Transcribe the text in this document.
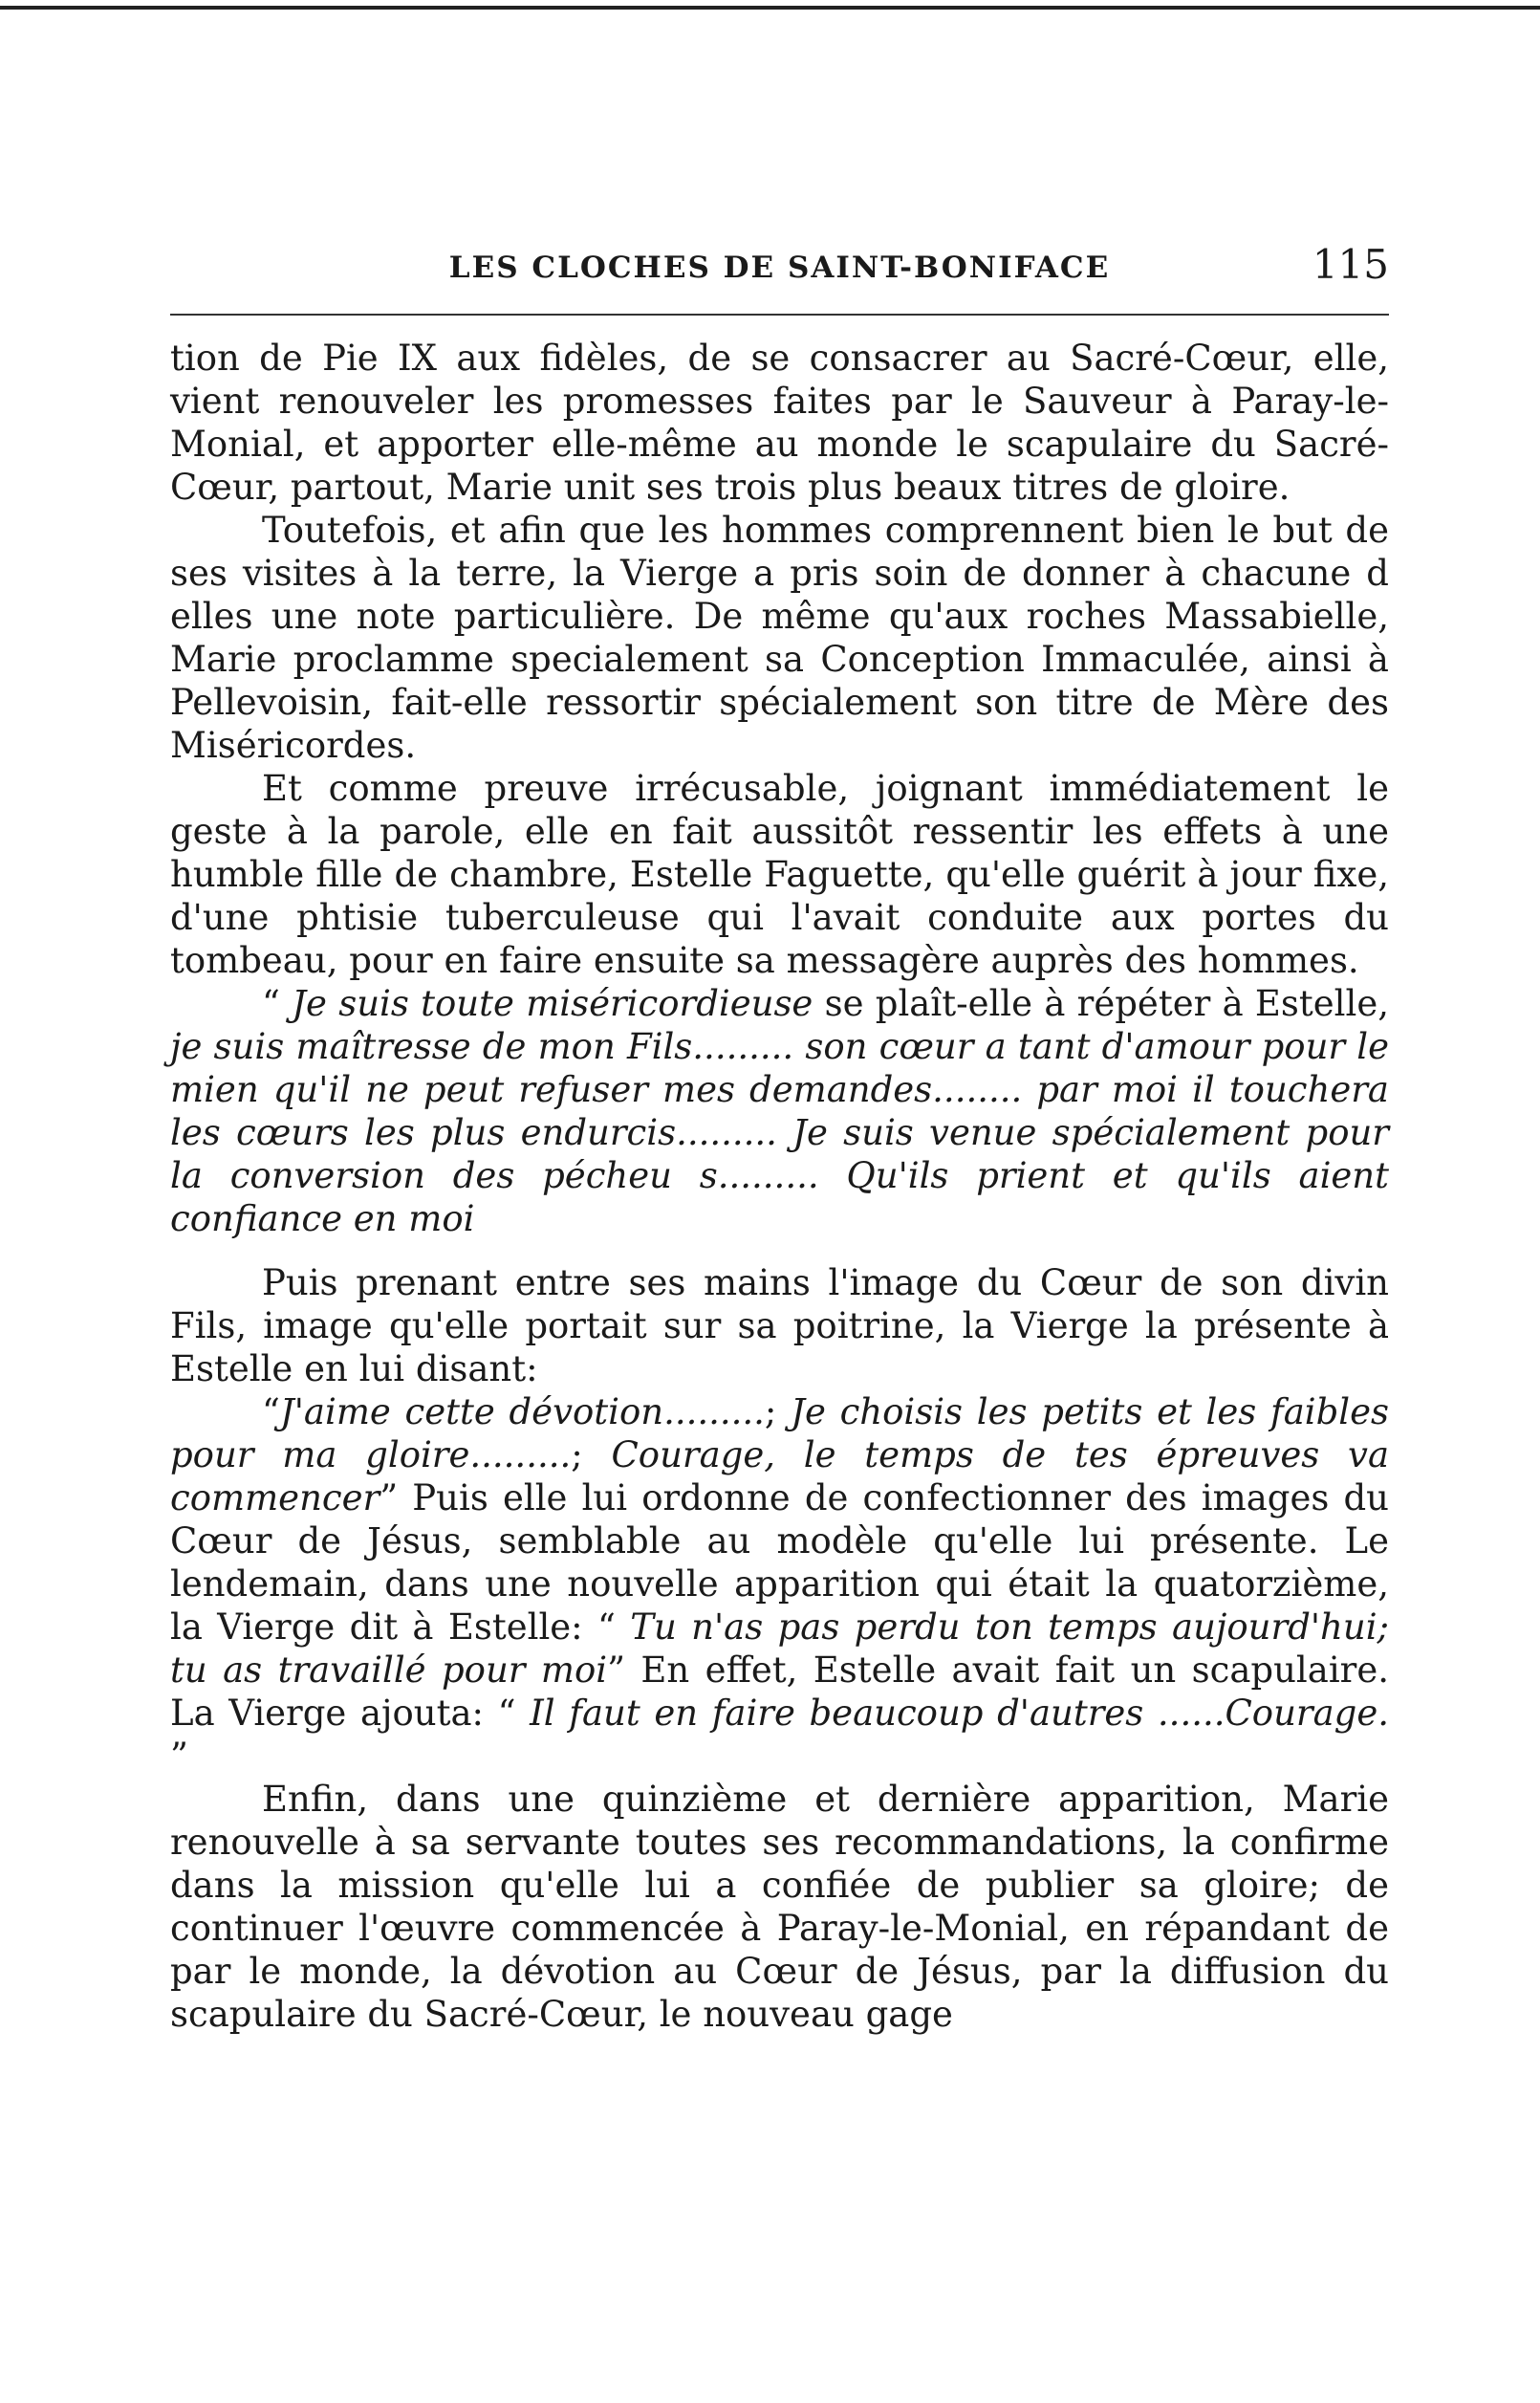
LES CLOCHES DE SAINT-BONIFACE	115

tion de Pie IX aux fidèles, de se consacrer au Sacré-Cœur, elle, vient renouveler les promesses faites par le Sauveur à Paray-le-Monial, et apporter elle-même au monde le scapulaire du Sacré-Cœur, partout, Marie unit ses trois plus beaux titres de gloire.

Toutefois, et afin que les hommes comprennent bien le but de ses visites à la terre, la Vierge a pris soin de donner à chacune d elles une note particulière. De même qu'aux roches Massabielle, Marie proclamme specialement sa Conception Immaculée, ainsi à Pellevoisin, fait-elle ressortir spécialement son titre de Mère des Miséricordes.

Et comme preuve irrécusable, joignant immédiatement le geste à la parole, elle en fait aussitôt ressentir les effets à une humble fille de chambre, Estelle Faguette, qu'elle guérit à jour fixe, d'une phtisie tuberculeuse qui l'avait conduite aux portes du tombeau, pour en faire ensuite sa messagère auprès des hommes.

“ Je suis toute miséricordieuse se plaît-elle à répéter à Estelle, je suis maîtresse de mon Fils......... son cœur a tant d'amour pour le mien qu'il ne peut refuser mes demandes........ par moi il touchera les cœurs les plus endurcis......... Je suis venue spécialement pour la conversion des pécheu s......... Qu'ils prient et qu'ils aient confiance en moi

Puis prenant entre ses mains l'image du Cœur de son divin Fils, image qu'elle portait sur sa poitrine, la Vierge la présente à Estelle en lui disant:

“J'aime cette dévotion.........; Je choisis les petits et les faibles pour ma gloire.........; Courage, le temps de tes épreuves va commencer” Puis elle lui ordonne de confectionner des images du Cœur de Jésus, semblable au modèle qu'elle lui présente. Le lendemain, dans une nouvelle apparition qui était la quatorzième, la Vierge dit à Estelle: “ Tu n'as pas perdu ton temps aujourd'hui; tu as travaillé pour moi” En effet, Estelle avait fait un scapulaire. La Vierge ajouta: “ Il faut en faire beaucoup d'autres ......Courage. ”

Enfin, dans une quinzième et dernière apparition, Marie renouvelle à sa servante toutes ses recommandations, la confirme dans la mission qu'elle lui a confiée de publier sa gloire; de continuer l'œuvre commencée à Paray-le-Monial, en répandant de par le monde, la dévotion au Cœur de Jésus, par la diffusion du scapulaire du Sacré-Cœur, le nouveau gage
